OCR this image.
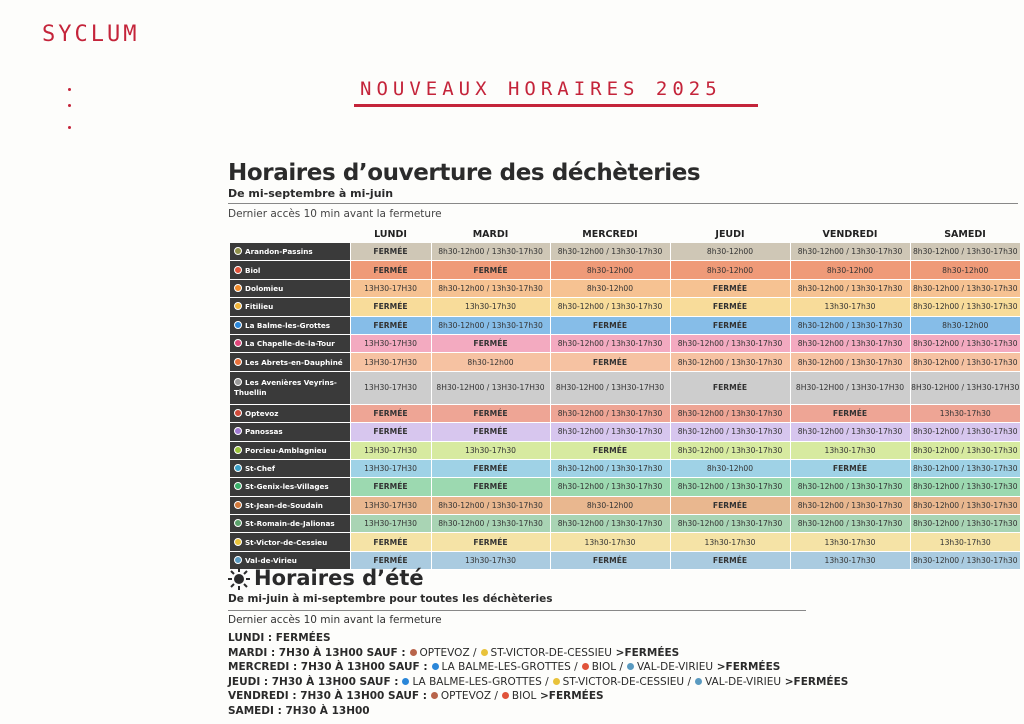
SYCLUM
NOUVEAUX HORAIRES 2025
Horaires d’ouverture des déchèteries
De mi-septembre à mi-juin
Dernier accès 10 min avant la fermeture
	LUNDI	MARDI	MERCREDI	JEUDI	VENDREDI	SAMEDI
Arandon-Passins	FERMÉE	8h30-12h00 / 13h30-17h30	8h30-12h00 / 13h30-17h30	8h30-12h00	8h30-12h00 / 13h30-17h30	8h30-12h00 / 13h30-17h30
Biol	FERMÉE	FERMÉE	8h30-12h00	8h30-12h00	8h30-12h00	8h30-12h00
Dolomieu	13H30-17H30	8h30-12h00 / 13h30-17h30	8h30-12h00	FERMÉE	8h30-12h00 / 13h30-17h30	8h30-12h00 / 13h30-17h30
Fitilieu	FERMÉE	13h30-17h30	8h30-12h00 / 13h30-17h30	FERMÉE	13h30-17h30	8h30-12h00 / 13h30-17h30
La Balme-les-Grottes	FERMÉE	8h30-12h00 / 13h30-17h30	FERMÉE	FERMÉE	8h30-12h00 / 13h30-17h30	8h30-12h00
La Chapelle-de-la-Tour	13H30-17H30	FERMÉE	8h30-12h00 / 13h30-17h30	8h30-12h00 / 13h30-17h30	8h30-12h00 / 13h30-17h30	8h30-12h00 / 13h30-17h30
Les Abrets-en-Dauphiné	13H30-17H30	8h30-12h00	FERMÉE	8h30-12h00 / 13h30-17h30	8h30-12h00 / 13h30-17h30	8h30-12h00 / 13h30-17h30
Les Avenières Veyrins-Thuellin	13H30-17H30	8H30-12H00 / 13H30-17H30	8H30-12H00 / 13H30-17H30	FERMÉE	8H30-12H00 / 13H30-17H30	8H30-12H00 / 13H30-17H30
Optevoz	FERMÉE	FERMÉE	8h30-12h00 / 13h30-17h30	8h30-12h00 / 13h30-17h30	FERMÉE	13h30-17h30
Panossas	FERMÉE	FERMÉE	8h30-12h00 / 13h30-17h30	8h30-12h00 / 13h30-17h30	8h30-12h00 / 13h30-17h30	8h30-12h00 / 13h30-17h30
Porcieu-Amblagnieu	13H30-17H30	13h30-17h30	FERMÉE	8h30-12h00 / 13h30-17h30	13h30-17h30	8h30-12h00 / 13h30-17h30
St-Chef	13H30-17H30	FERMÉE	8h30-12h00 / 13h30-17h30	8h30-12h00	FERMÉE	8h30-12h00 / 13h30-17h30
St-Genix-les-Villages	FERMÉE	FERMÉE	8h30-12h00 / 13h30-17h30	8h30-12h00 / 13h30-17h30	8h30-12h00 / 13h30-17h30	8h30-12h00 / 13h30-17h30
St-Jean-de-Soudain	13H30-17H30	8h30-12h00 / 13h30-17h30	8h30-12h00	FERMÉE	8h30-12h00 / 13h30-17h30	8h30-12h00 / 13h30-17h30
St-Romain-de-Jalionas	13H30-17H30	8h30-12h00 / 13h30-17h30	8h30-12h00 / 13h30-17h30	8h30-12h00 / 13h30-17h30	8h30-12h00 / 13h30-17h30	8h30-12h00 / 13h30-17h30
St-Victor-de-Cessieu	FERMÉE	FERMÉE	13h30-17h30	13h30-17h30	13h30-17h30	13h30-17h30
Val-de-Virieu	FERMÉE	13h30-17h30	FERMÉE	FERMÉE	13h30-17h30	8h30-12h00 / 13h30-17h30
Horaires d’été
De mi-juin à mi-septembre pour toutes les déchèteries
Dernier accès 10 min avant la fermeture
LUNDI : FERMÉES
MARDI : 7H30 À 13H00 SAUF : OPTEVOZ / ST-VICTOR-DE-CESSIEU >FERMÉES
MERCREDI : 7H30 À 13H00 SAUF : LA BALME-LES-GROTTES / BIOL / VAL-DE-VIRIEU >FERMÉES
JEUDI : 7H30 À 13H00 SAUF : LA BALME-LES-GROTTES / ST-VICTOR-DE-CESSIEU / VAL-DE-VIRIEU >FERMÉES
VENDREDI : 7H30 À 13H00 SAUF : OPTEVOZ / BIOL >FERMÉES
SAMEDI : 7H30 À 13H00
